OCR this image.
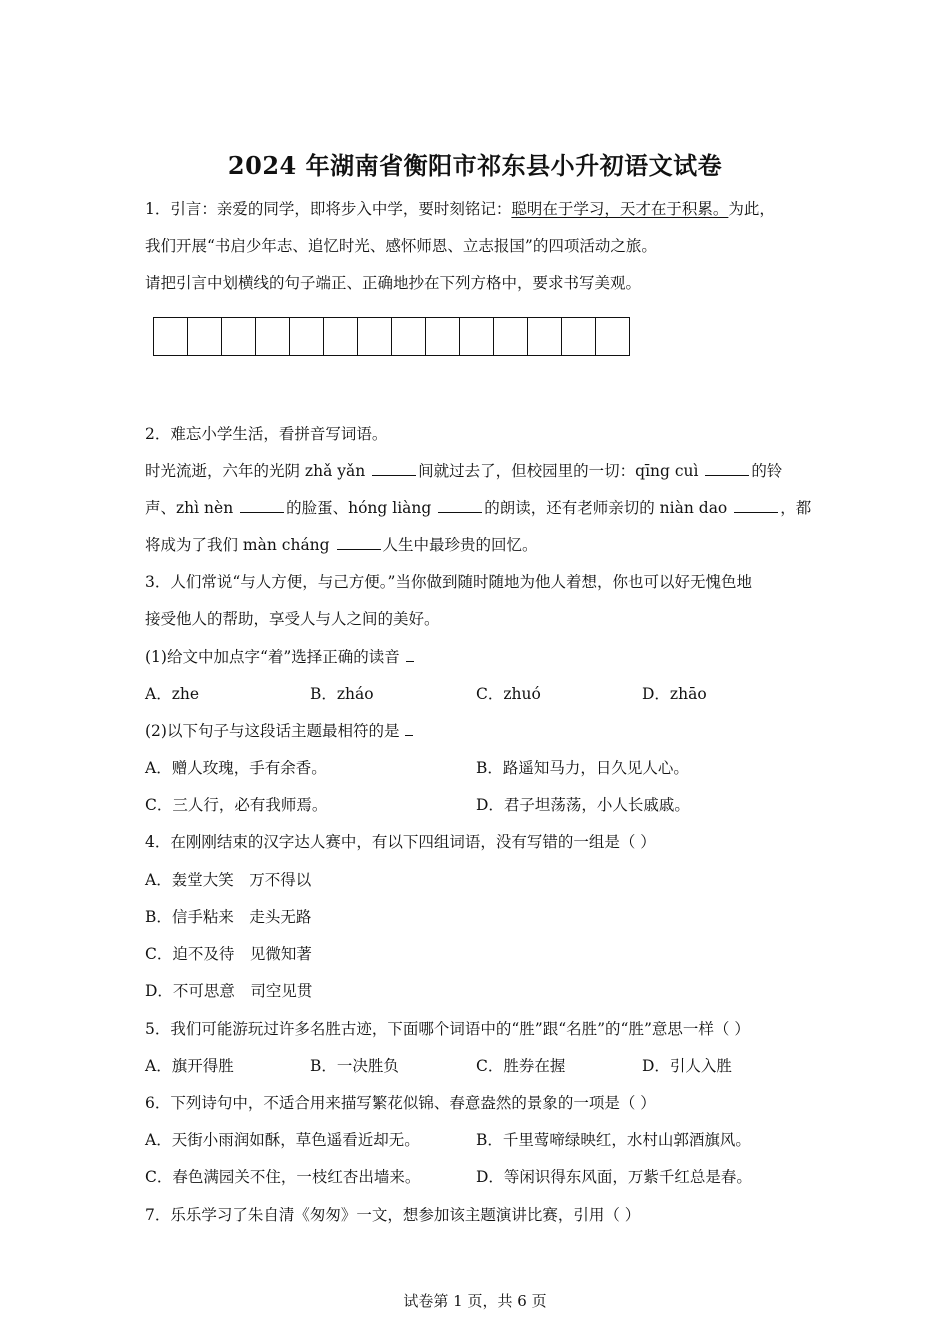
2024 年湖南省衡阳市祁东县小升初语文试卷
1．引言：亲爱的同学，即将步入中学，要时刻铭记：聪明在于学习，天才在于积累。为此，
我们开展“书启少年志、追忆时光、感怀师恩、立志报国”的四项活动之旅。
请把引言中划横线的句子端正、正确地抄在下列方格中，要求书写美观。
2．难忘小学生活，看拼音写词语。
时光流逝，六年的光阴 zhǎ yǎn	间就过去了，但校园里的一切：qīng cuì	的铃
声、zhì nèn	的脸蛋、hóng liàng	的朗读，还有老师亲切的 niàn dao	，都
将成为了我们 màn cháng	人生中最珍贵的回忆。
3．人们常说“与人方便，与己方便。”当你做到随时随地为他人着想，你也可以好无愧色地
接受他人的帮助，享受人与人之间的美好。
(1)给文中加点字“着”选择正确的读音
A．zhe	B．zháo	C．zhuó	D．zhāo
(2)以下句子与这段话主题最相符的是
A．赠人玫瑰，手有余香。	B．路遥知马力，日久见人心。
C．三人行，必有我师焉。	D．君子坦荡荡，小人长戚戚。
4．在刚刚结束的汉字达人赛中，有以下四组词语，没有写错的一组是（ ）
A．轰堂大笑　万不得以
B．信手粘来　走头无路
C．迫不及待　见微知著
D．不可思意　司空见贯
5．我们可能游玩过许多名胜古迹，下面哪个词语中的“胜”跟“名胜”的“胜”意思一样（ ）
A．旗开得胜	B．一决胜负	C．胜券在握	D．引人入胜
6．下列诗句中，不适合用来描写繁花似锦、春意盎然的景象的一项是（ ）
A．天街小雨润如酥，草色遥看近却无。	B．千里莺啼绿映红，水村山郭酒旗风。
C．春色满园关不住，一枝红杏出墙来。	D．等闲识得东风面，万紫千红总是春。
7．乐乐学习了朱自清《匆匆》一文，想参加该主题演讲比赛，引用（ ）
试卷第 1 页，共 6 页
